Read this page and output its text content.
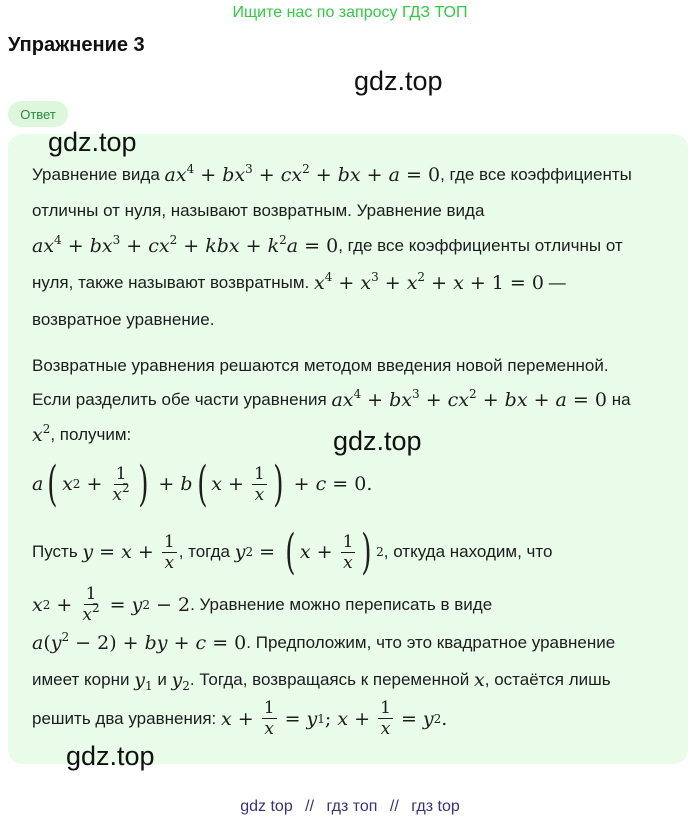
Ищите нас по запросу ГДЗ ТОП
Упражнение 3
gdz.top
Ответ
gdz.top
Уравнение вида
$ax^4 + bx^3 + cx^2$ + bx + a = 0 , где все коэффициенты
отличны от нуля, называют возвратным. Уравнение вида
$ax^4 + bx^3 + cx^2$ + kbx + $k^2a = 0$ , где все коэффициенты отличны от
нуля, также называют возвратным.
$x^4 + x^3 + x^2 + x + 1 = 0$
—
возвратное уравнение.
Возвратные уравнения решаются методом введения новой переменной.
Если разделить обе части уравнения
$ax^4 + bx^3 + cx^2$ + bx + a = 0
на
$x^2$ , получим:	gdz.top
a ( x $2 + \frac{1}{x^2}$ ) + b ( $x + \frac{1}{x}$ ) + c = 0.
Пусть
$y = x + \frac{1}{x}$ , тогда
y 2 = ( $x + \frac{1}{x}$ ) 2 , откуда находим, что
x $2 + \frac{1}{x^2} = y$ 2 − 2 . Уравнение можно переписать в виде
$a(y^2 - 2)$ + by + c = 0 . Предположим, что это квадратное уравнение
имеет корни
$y_1$
и
$y_2$ . Тогда, возвращаясь к переменной
x , остаётся лишь
решить два уравнения:
$x + \frac{1}{x} = y$ 1 ; $x + \frac{1}{x} = y$ 2 .
gdz.top
gdz top // гдз топ // гдз top
